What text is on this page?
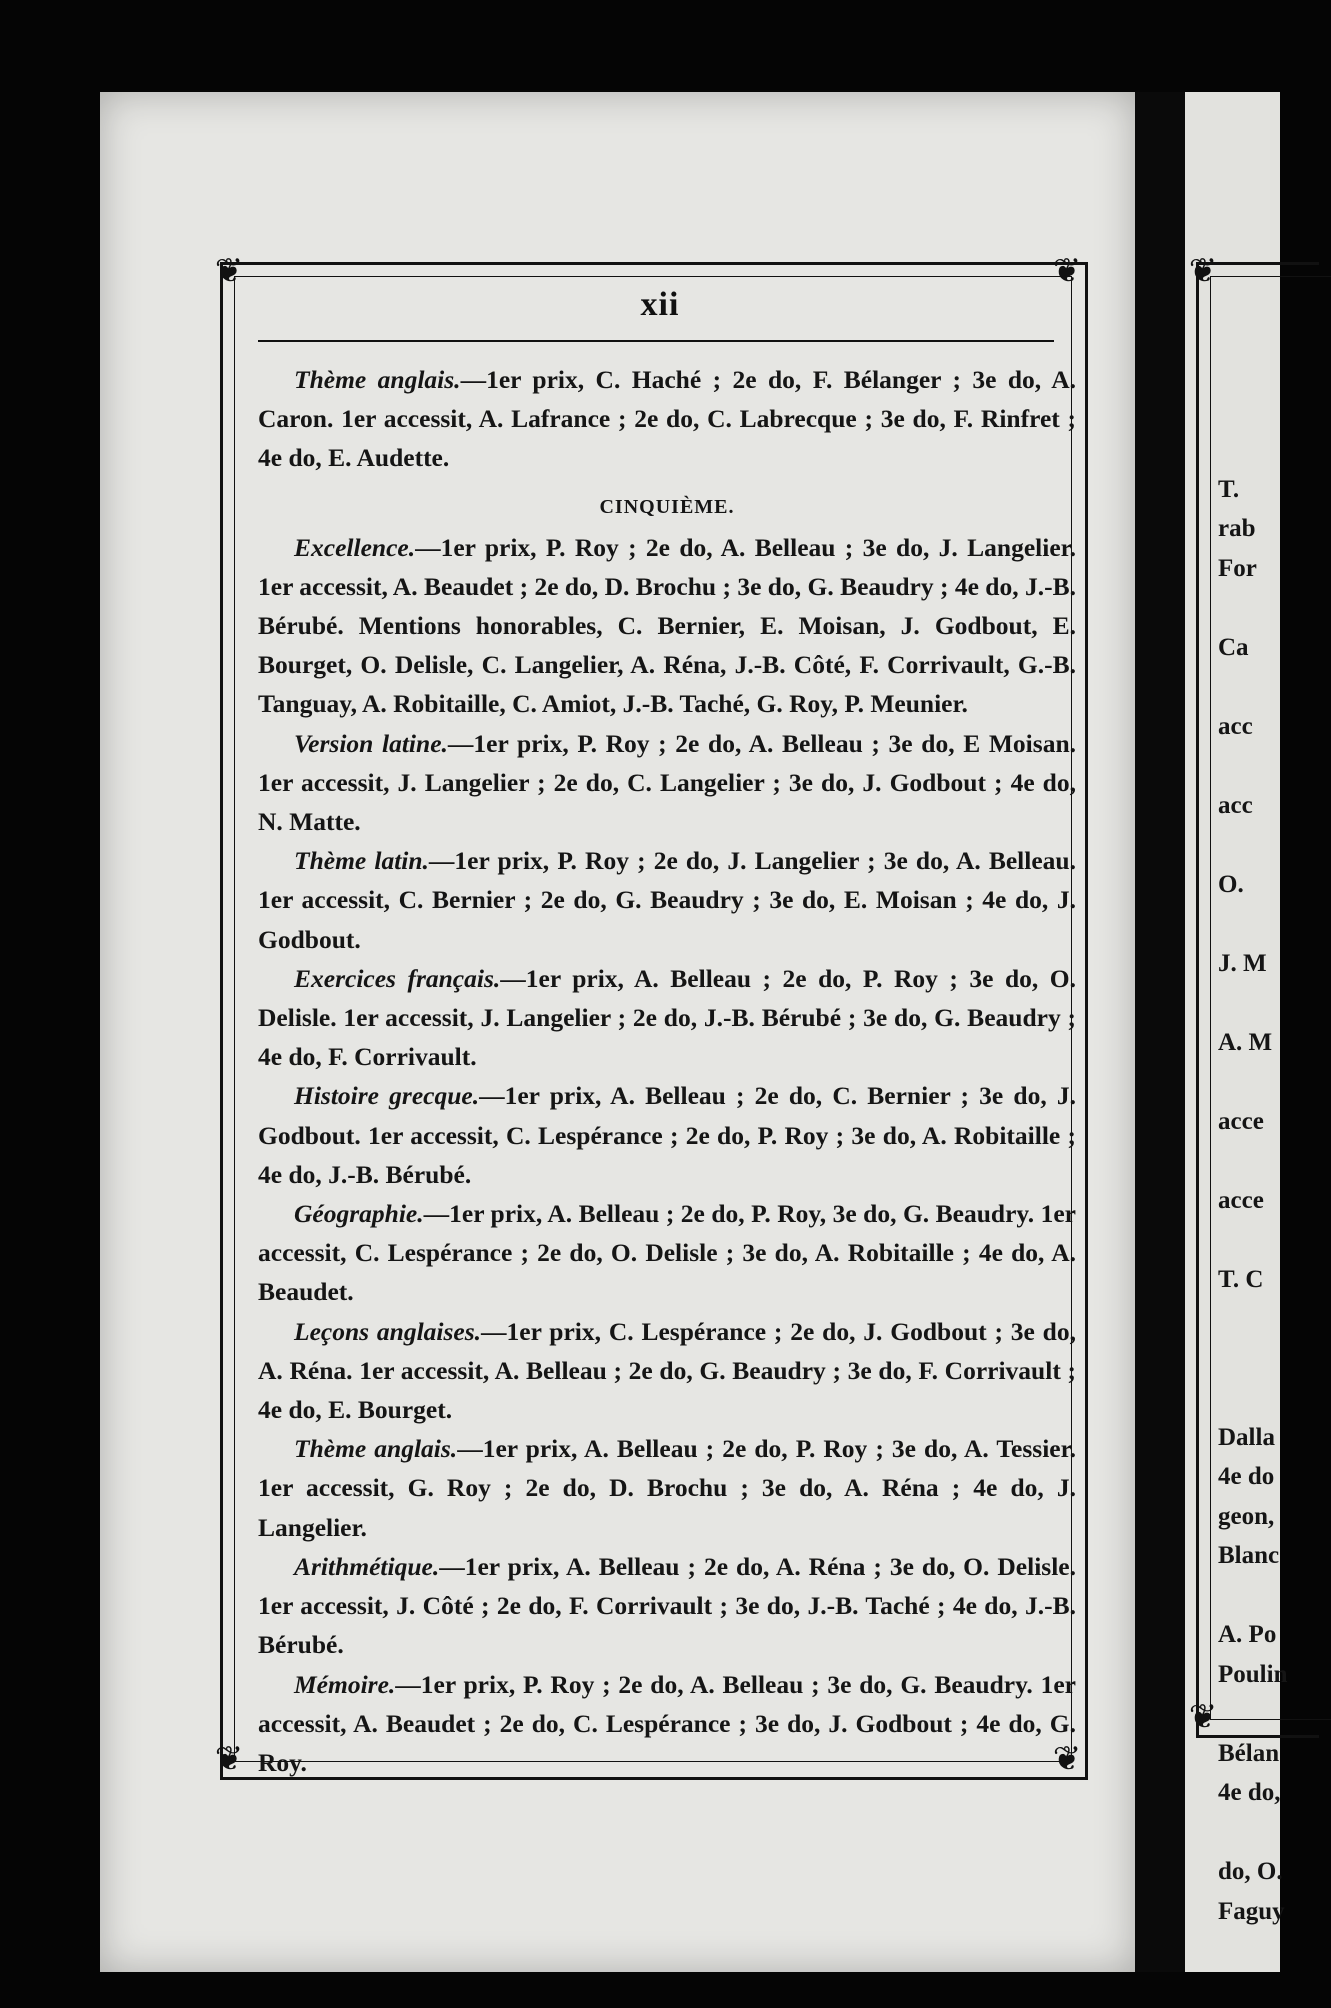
❦	❦
❦	❦
xii

Thème anglais.—1er prix, C. Haché ; 2e do, F. Bélanger ; 3e do, A. Caron. 1er accessit, A. Lafrance ; 2e do, C. Labrecque ; 3e do, F. Rinfret ; 4e do, E. Audette.

CINQUIÈME.

Excellence.—1er prix, P. Roy ; 2e do, A. Belleau ; 3e do, J. Langelier. 1er accessit, A. Beaudet ; 2e do, D. Brochu ; 3e do, G. Beaudry ; 4e do, J.-B. Bérubé. Mentions honorables, C. Bernier, E. Moisan, J. Godbout, E. Bourget, O. Delisle, C. Langelier, A. Réna, J.-B. Côté, F. Corrivault, G.-B. Tanguay, A. Robitaille, C. Amiot, J.-B. Taché, G. Roy, P. Meunier.

Version latine.—1er prix, P. Roy ; 2e do, A. Belleau ; 3e do, E Moisan. 1er accessit, J. Langelier ; 2e do, C. Langelier ; 3e do, J. Godbout ; 4e do, N. Matte.

Thème latin.—1er prix, P. Roy ; 2e do, J. Langelier ; 3e do, A. Belleau. 1er accessit, C. Bernier ; 2e do, G. Beaudry ; 3e do, E. Moisan ; 4e do, J. Godbout.

Exercices français.—1er prix, A. Belleau ; 2e do, P. Roy ; 3e do, O. Delisle. 1er accessit, J. Langelier ; 2e do, J.-B. Bérubé ; 3e do, G. Beaudry ; 4e do, F. Corrivault.

Histoire grecque.—1er prix, A. Belleau ; 2e do, C. Bernier ; 3e do, J. Godbout. 1er accessit, C. Lespérance ; 2e do, P. Roy ; 3e do, A. Robitaille ; 4e do, J.-B. Bérubé.

Géographie.—1er prix, A. Belleau ; 2e do, P. Roy, 3e do, G. Beaudry. 1er accessit, C. Lespérance ; 2e do, O. Delisle ; 3e do, A. Robitaille ; 4e do, A. Beaudet.

Leçons anglaises.—1er prix, C. Lespérance ; 2e do, J. Godbout ; 3e do, A. Réna. 1er accessit, A. Belleau ; 2e do, G. Beaudry ; 3e do, F. Corrivault ; 4e do, E. Bourget.

Thème anglais.—1er prix, A. Belleau ; 2e do, P. Roy ; 3e do, A. Tessier. 1er accessit, G. Roy ; 2e do, D. Brochu ; 3e do, A. Réna ; 4e do, J. Langelier.

Arithmétique.—1er prix, A. Belleau ; 2e do, A. Réna ; 3e do, O. Delisle. 1er accessit, J. Côté ; 2e do, F. Corrivault ; 3e do, J.-B. Taché ; 4e do, J.-B. Bérubé.

Mémoire.—1er prix, P. Roy ; 2e do, A. Belleau ; 3e do, G. Beaudry. 1er accessit, A. Beaudet ; 2e do, C. Lespérance ; 3e do, J. Godbout ; 4e do, G. Roy.

❦
❦
T.
rab
For
Ca
acc
acc
O.
J. M
A. M
acce
acce
T. C
Dalla
4e do
geon,
Blanc
A. Po
Poulin
Bélan
4e do,
do, O.
Faguy
